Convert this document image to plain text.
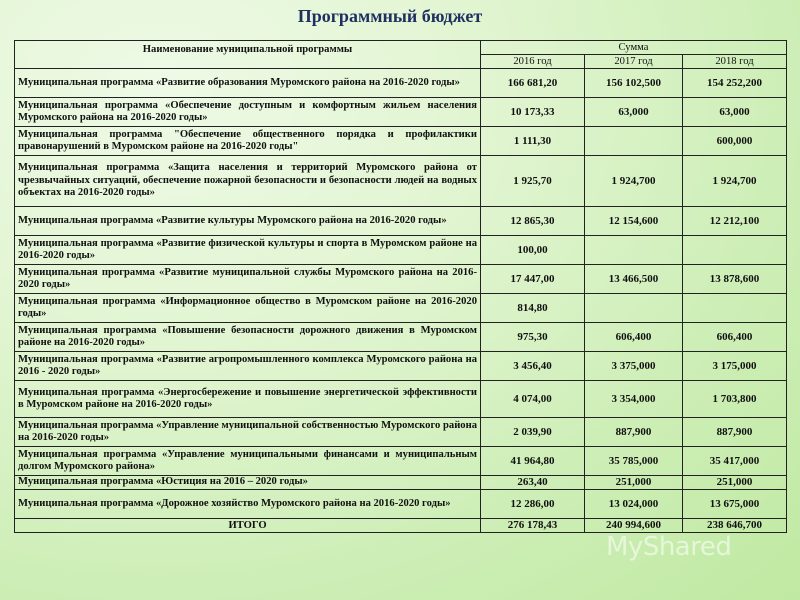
Программный бюджет
Наименование муниципальной программы	Сумма		
	2016 год	2017 год	2018 год
Муниципальная программа «Развитие образования Муромского района на 2016-2020 годы»	166 681,20	156 102,500	154 252,200
Муниципальная программа «Обеспечение доступным и комфортным жильем населения Муромского района на 2016-2020 годы»	10 173,33	63,000	63,000
Муниципальная программа "Обеспечение общественного порядка и профилактики правонарушений в Муромском районе на 2016-2020 годы"	1 111,30		600,000
Муниципальная программа «Защита населения и территорий Муромского района от чрезвычайных ситуаций, обеспечение пожарной безопасности и безопасности людей на водных объектах на 2016-2020 годы»	1 925,70	1 924,700	1 924,700
Муниципальная программа «Развитие культуры Муромского района на 2016-2020 годы»	12 865,30	12 154,600	12 212,100
Муниципальная программа «Развитие физической культуры и спорта в Муромском районе на 2016-2020 годы»	100,00		
Муниципальная программа «Развитие муниципальной службы Муромского района на 2016-2020 годы»	17 447,00	13 466,500	13 878,600
Муниципальная программа «Информационное общество в Муромском районе на 2016-2020 годы»	814,80		
Муниципальная программа «Повышение безопасности дорожного движения в Муромском районе на 2016-2020 годы»	975,30	606,400	606,400
Муниципальная программа «Развитие агропромышленного комплекса Муромского района на 2016 - 2020 годы»	3 456,40	3 375,000	3 175,000
Муниципальная программа «Энергосбережение и повышение энергетической эффективности в Муромском районе на 2016-2020 годы»	4 074,00	3 354,000	1 703,800
Муниципальная программа «Управление муниципальной собственностью Муромского района на 2016-2020 годы»	2 039,90	887,900	887,900
Муниципальная программа «Управление муниципальными финансами и муниципальным долгом Муромского района»	41 964,80	35 785,000	35 417,000
Муниципальная программа «Юстиция на 2016 – 2020 годы»	263,40	251,000	251,000
Муниципальная программа «Дорожное хозяйство Муромского района на 2016-2020 годы»	12 286,00	13 024,000	13 675,000
ИТОГО	276 178,43	240 994,600	238 646,700
MyShared
